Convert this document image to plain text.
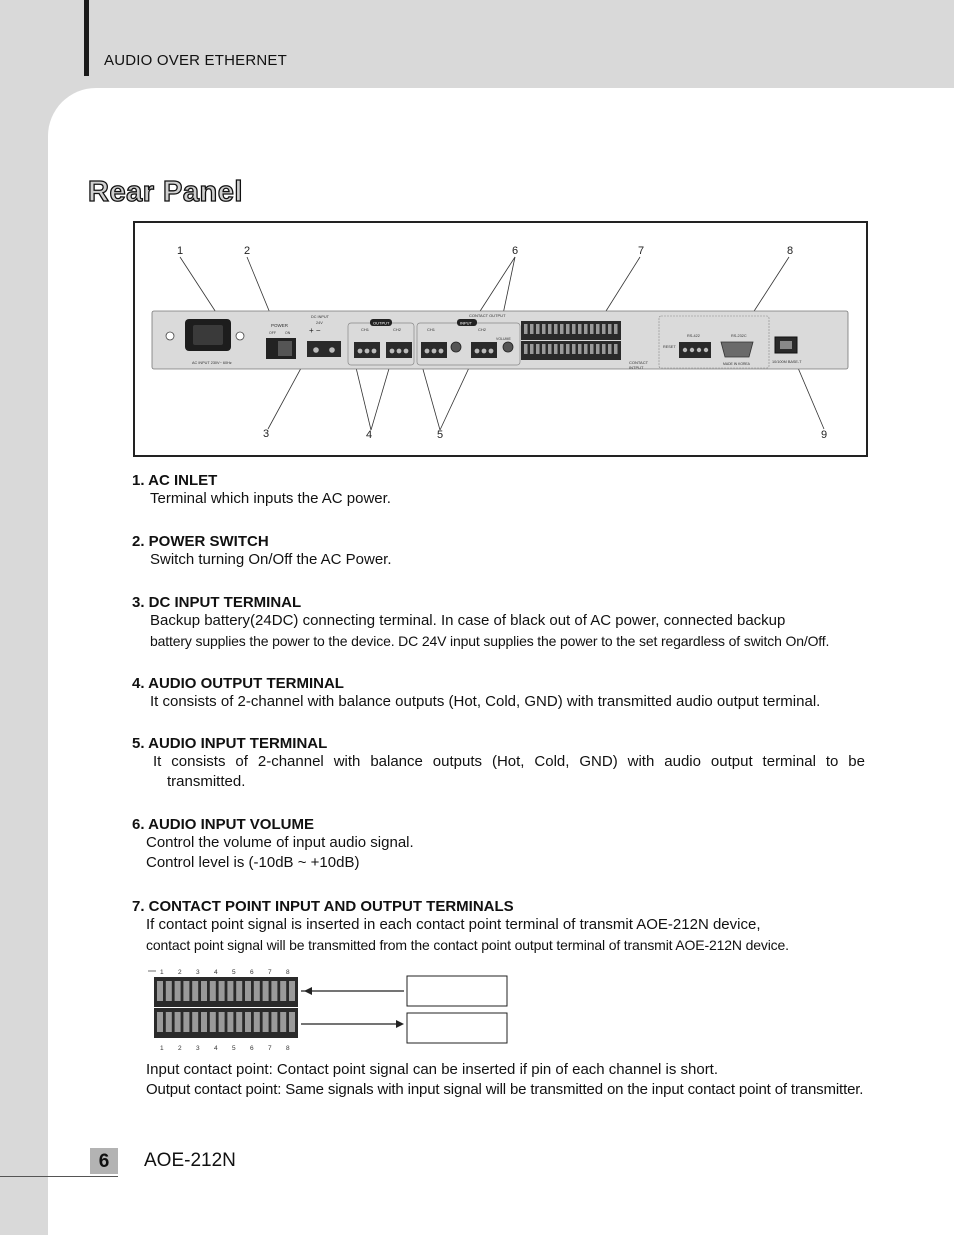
AUDIO OVER ETHERNET
Rear Panel
1	2	6	7	8
3	4	5	9
AC INPUT 230V~ 60Hz
POWER
OFF	ON
DC INPUT
24V
+ −
OUTPUT
CH1	CH2
INPUT
CH1	CH2
VOLUME
CONTACT OUTPUT
CONTACT
INTPUT
RESET
RS-422	RS-232C
MADE IN KOREA	10/100M BASE-T
1. AC INLET
Terminal which inputs the AC power.
2. POWER SWITCH
Switch turning On/Off the AC Power.
3. DC INPUT TERMINAL
Backup battery(24DC) connecting terminal. In case of black out of AC power, connected backup
battery supplies the power to the device. DC 24V input supplies the power to the set regardless of switch On/Off.
4. AUDIO OUTPUT TERMINAL
It consists of 2-channel with balance outputs (Hot, Cold, GND) with transmitted audio output terminal.
5. AUDIO INPUT TERMINAL
It consists of 2-channel with balance outputs (Hot, Cold, GND) with audio output terminal to be
transmitted.
6. AUDIO INPUT VOLUME
Control the volume of input audio signal.
Control level is (-10dB ~ +10dB)
7. CONTACT POINT INPUT AND OUTPUT TERMINALS
If contact point signal is inserted in each contact point terminal of transmit AOE-212N device,
contact point signal will be transmitted from the contact point output terminal of transmit AOE-212N device.
1 2 3 4 5 6 7 8
1 2 3 4 5 6 7 8
Input contact point: Contact point signal can be inserted if pin of each channel is short.
Output contact point: Same signals with input signal will be transmitted on the input contact point of transmitter.
6	AOE-212N
